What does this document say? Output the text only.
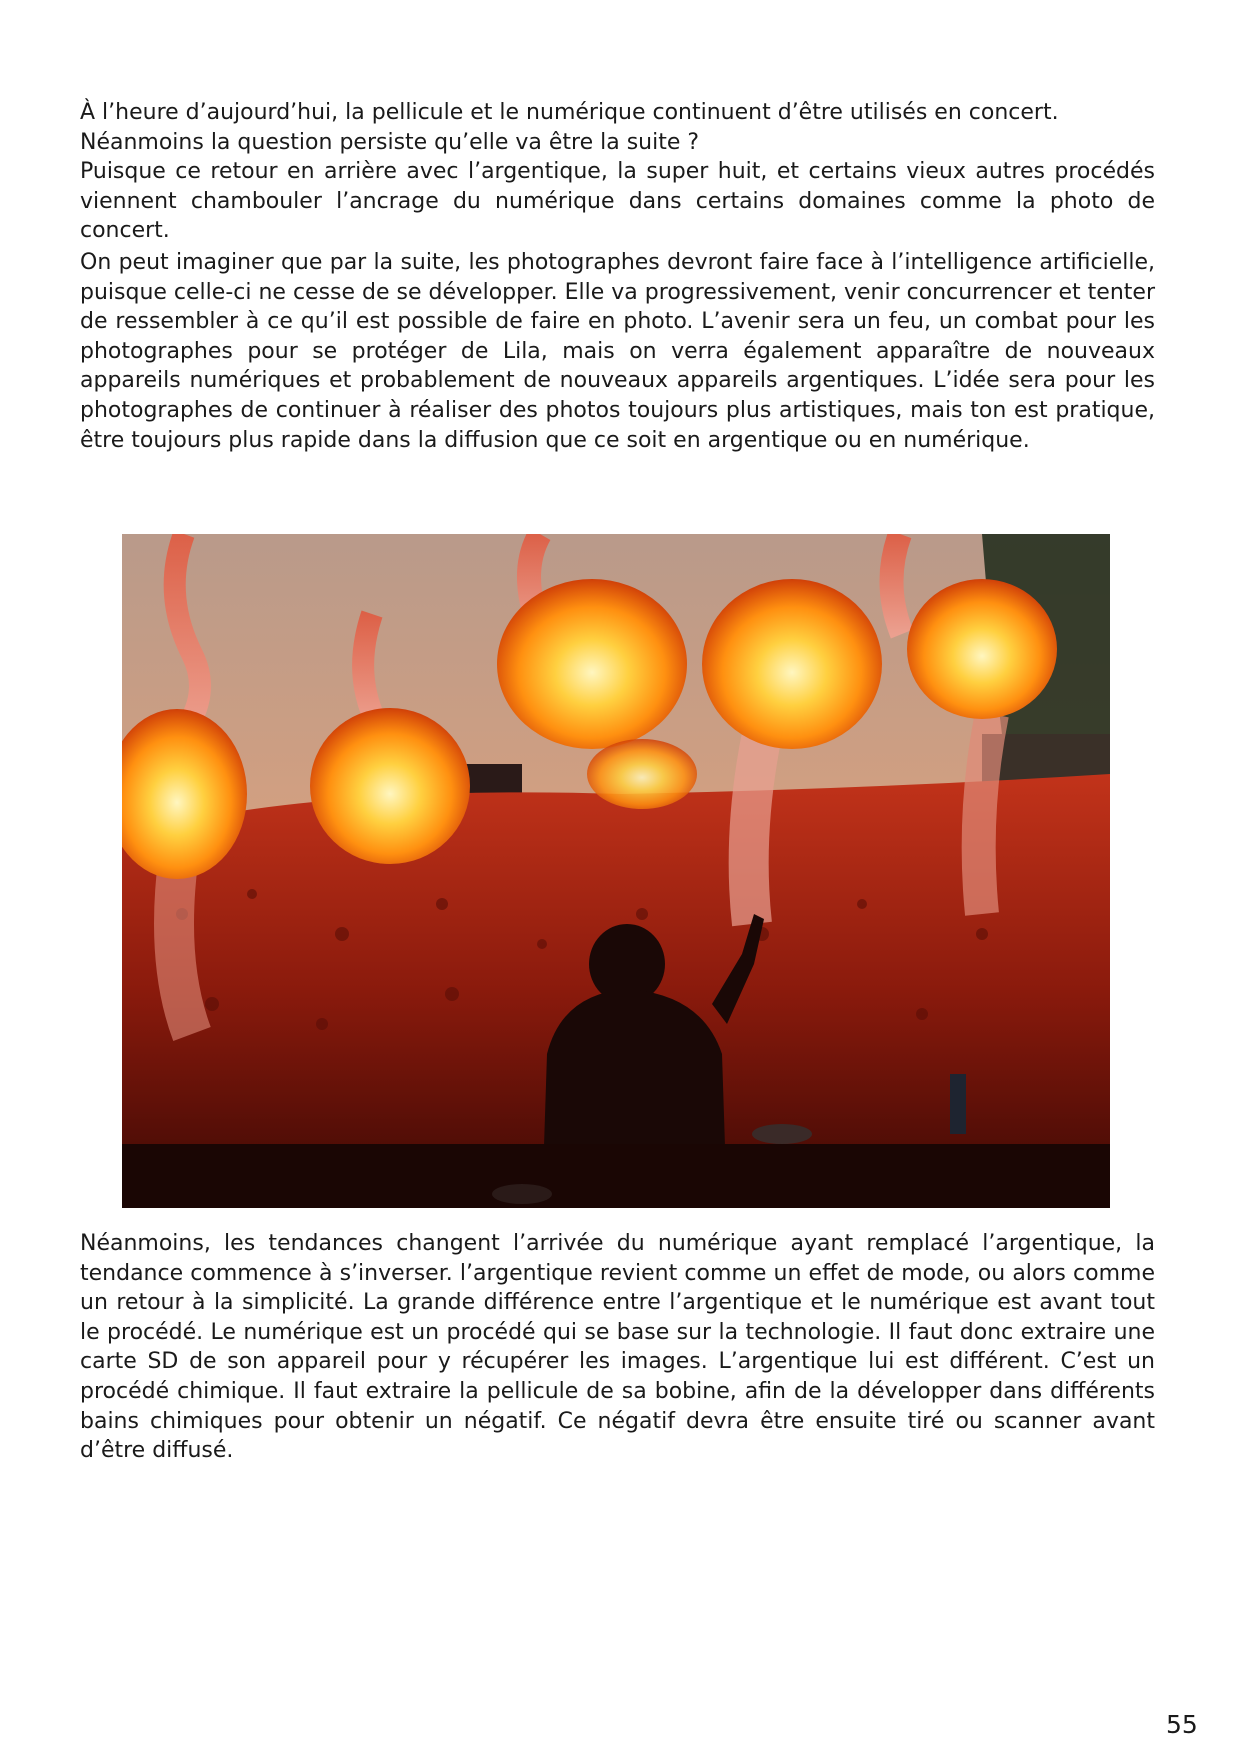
À l’heure d’aujourd’hui, la pellicule et le numérique continuent d’être utilisés en concert.
Néanmoins la question persiste qu’elle va être la suite ?
Puisque ce retour en arrière avec l’argentique, la super huit, et certains vieux autres procédés viennent chambouler l’ancrage du numérique dans certains domaines comme la photo de concert.

On peut imaginer que par la suite, les photographes devront faire face à l’intelligence artificielle, puisque celle-ci ne cesse de se développer. Elle va progressivement, venir concurrencer et tenter de ressembler à ce qu’il est possible de faire en photo. L’avenir sera un feu, un combat pour les photographes pour se protéger de Lila, mais on verra également apparaître de nouveaux appareils numériques et probablement de nouveaux appareils argentiques. L’idée sera pour les photographes de continuer à réaliser des photos toujours plus artistiques, mais ton est pratique, être toujours plus rapide dans la diffusion que ce soit en argentique ou en numérique.

Néanmoins, les tendances changent l’arrivée du numérique ayant remplacé l’argentique, la tendance commence à s’inverser. l’argentique revient comme un effet de mode, ou alors comme un retour à la simplicité. La grande différence entre l’argentique et le numérique est avant tout le procédé. Le numérique est un procédé qui se base sur la technologie. Il faut donc extraire une carte SD de son appareil pour y récupérer les images. L’argentique lui est différent. C’est un procédé chimique. Il faut extraire la pellicule de sa bobine, afin de la développer dans différents bains chimiques pour obtenir un négatif. Ce négatif devra être ensuite tiré ou scanner avant d’être diffusé.

55
